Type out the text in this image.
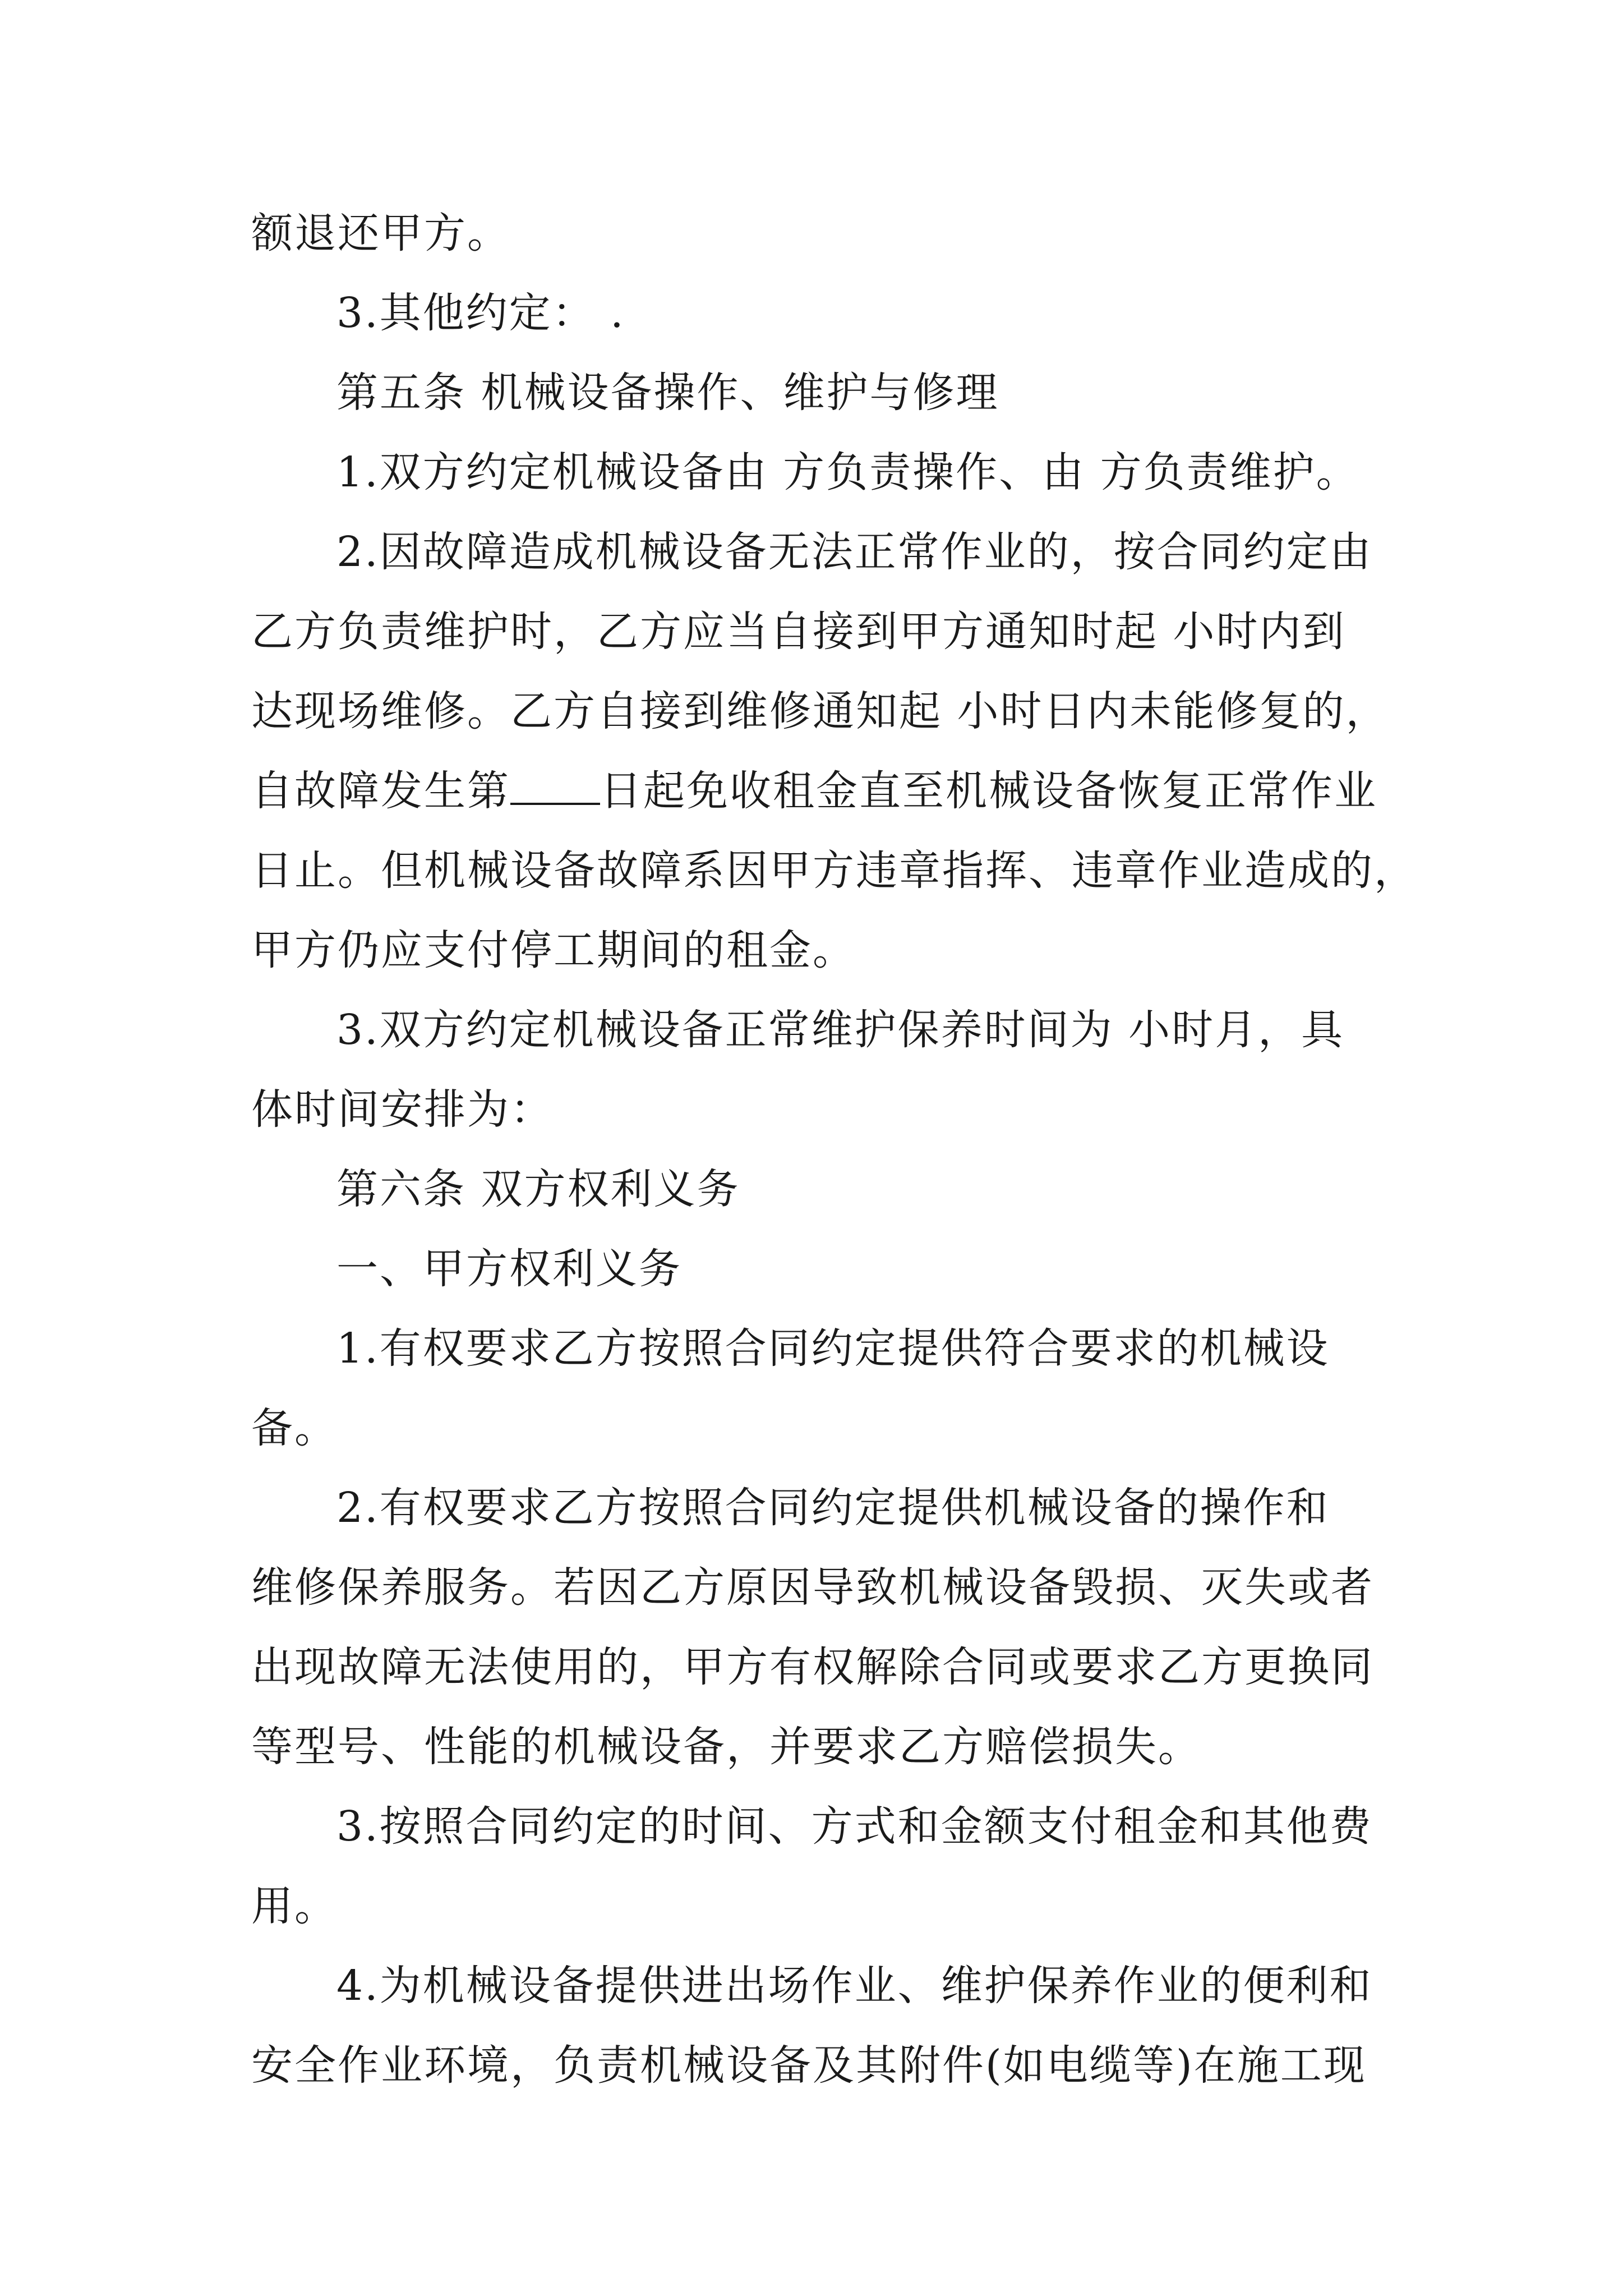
额退还甲方。
3.其他约定： .
第五条 机械设备操作、维护与修理
1.双方约定机械设备由 方负责操作、由 方负责维护。
2.因故障造成机械设备无法正常作业的，按合同约定由
乙方负责维护时，乙方应当自接到甲方通知时起 小时内到
达现场维修。乙方自接到维修通知起 小时日内未能修复的，
自故障发生第 日起免收租金直至机械设备恢复正常作业
日止。但机械设备故障系因甲方违章指挥、违章作业造成的，
甲方仍应支付停工期间的租金。
3.双方约定机械设备正常维护保养时间为 小时月，具
体时间安排为：
第六条 双方权利义务
一、甲方权利义务
1.有权要求乙方按照合同约定提供符合要求的机械设
备。
2.有权要求乙方按照合同约定提供机械设备的操作和
维修保养服务。若因乙方原因导致机械设备毁损、灭失或者
出现故障无法使用的，甲方有权解除合同或要求乙方更换同
等型号、性能的机械设备，并要求乙方赔偿损失。
3.按照合同约定的时间、方式和金额支付租金和其他费
用。
4.为机械设备提供进出场作业、维护保养作业的便利和
安全作业环境，负责机械设备及其附件(如电缆等)在施工现
